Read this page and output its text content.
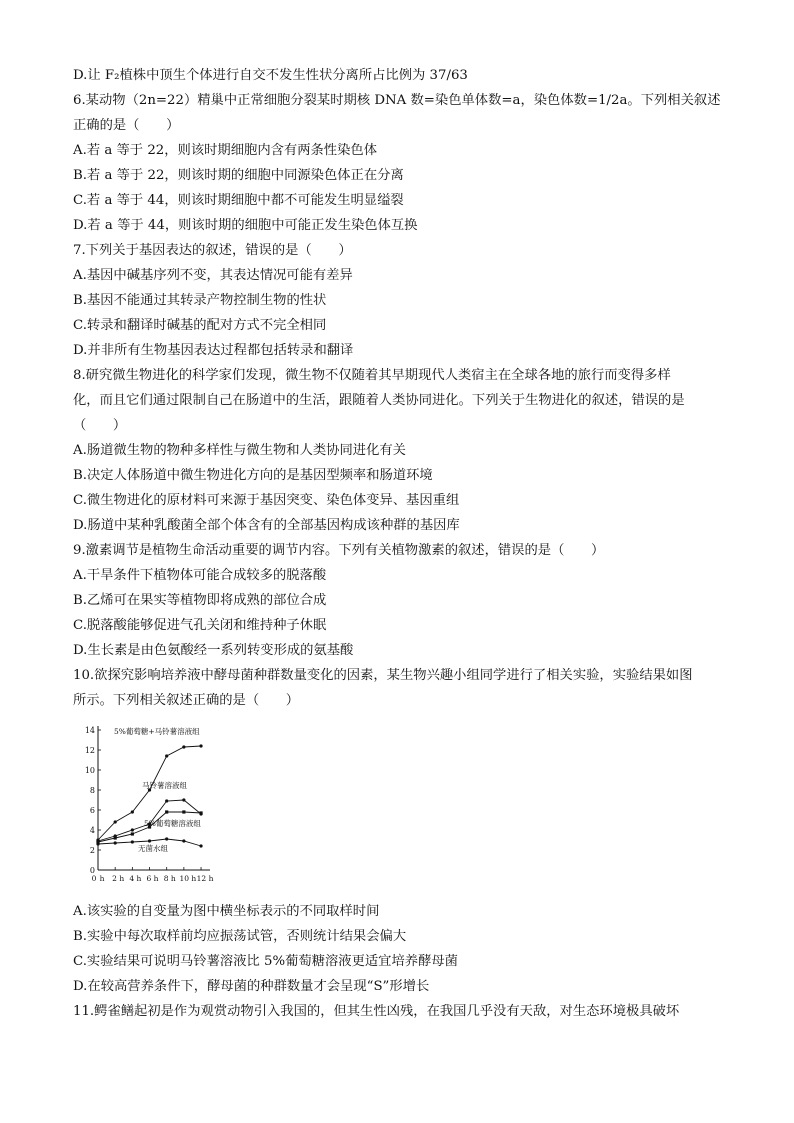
D.让 F₂植株中顶生个体进行自交不发生性状分离所占比例为 37/63
6.某动物（2n=22）精巢中正常细胞分裂某时期核 DNA 数=染色单体数=a，染色体数=1/2a。下列相关叙述
正确的是（　　）
A.若 a 等于 22，则该时期细胞内含有两条性染色体
B.若 a 等于 22，则该时期的细胞中同源染色体正在分离
C.若 a 等于 44，则该时期细胞中都不可能发生明显缢裂
D.若 a 等于 44，则该时期的细胞中可能正发生染色体互换
7.下列关于基因表达的叙述，错误的是（　　）
A.基因中碱基序列不变，其表达情况可能有差异
B.基因不能通过其转录产物控制生物的性状
C.转录和翻译时碱基的配对方式不完全相同
D.并非所有生物基因表达过程都包括转录和翻译
8.研究微生物进化的科学家们发现，微生物不仅随着其早期现代人类宿主在全球各地的旅行而变得多样
化，而且它们通过限制自己在肠道中的生活，跟随着人类协同进化。下列关于生物进化的叙述，错误的是
（　　）
A.肠道微生物的物种多样性与微生物和人类协同进化有关
B.决定人体肠道中微生物进化方向的是基因型频率和肠道环境
C.微生物进化的原材料可来源于基因突变、染色体变异、基因重组
D.肠道中某种乳酸菌全部个体含有的全部基因构成该种群的基因库
9.激素调节是植物生命活动重要的调节内容。下列有关植物激素的叙述，错误的是（　　）
A.干旱条件下植物体可能合成较多的脱落酸
B.乙烯可在果实等植物即将成熟的部位合成
C.脱落酸能够促进气孔关闭和维持种子休眠
D.生长素是由色氨酸经一系列转变形成的氨基酸
10.欲探究影响培养液中酵母菌种群数量变化的因素，某生物兴趣小组同学进行了相关实验，实验结果如图
所示。下列相关叙述正确的是（　　）
A.该实验的自变量为图中横坐标表示的不同取样时间
B.实验中每次取样前均应振荡试管，否则统计结果会偏大
C.实验结果可说明马铃薯溶液比 5%葡萄糖溶液更适宜培养酵母菌
D.在较高营养条件下，酵母菌的种群数量才会呈现“S”形增长
11.鳄雀鳝起初是作为观赏动物引入我国的，但其生性凶残，在我国几乎没有天敌，对生态环境极具破坏
0
2
4
6
8
10
12
14
0 h 2 h 4 h 6 h 8 h 10 h 12 h
5%葡萄糖+马铃薯溶液组
马铃薯溶液组
5%葡萄糖溶液组
无菌水组
